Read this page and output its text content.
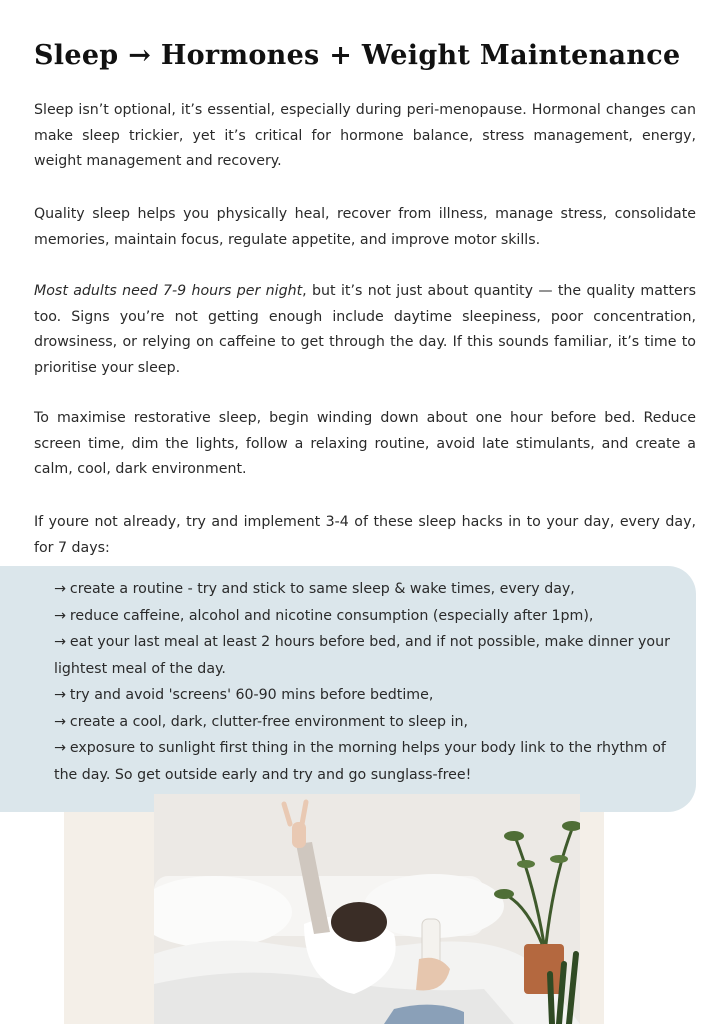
Sleep → Hormones + Weight Maintenance

Sleep isn’t optional, it’s essential, especially during peri-menopause. Hormonal changes can make sleep trickier, yet it’s critical for hormone balance, stress management, energy, weight management and recovery.

Quality sleep helps you physically heal, recover from illness, manage stress, consolidate memories, maintain focus, regulate appetite, and improve motor skills.

Most adults need 7-9 hours per night, but it’s not just about quantity — the quality matters too. Signs you’re not getting enough include daytime sleepiness, poor concentration, drowsiness, or relying on caffeine to get through the day. If this sounds familiar, it’s time to prioritise your sleep.

To maximise restorative sleep, begin winding down about one hour before bed. Reduce screen time, dim the lights, follow a relaxing routine, avoid late stimulants, and create a calm, cool, dark environment.

If youre not already, try and implement 3-4 of these sleep hacks in to your day, every day, for 7 days:

→ create a routine - try and stick to same sleep & wake times, every day,
→ reduce caffeine, alcohol and nicotine consumption (especially after 1pm),
→ eat your last meal at least 2 hours before bed, and if not possible, make dinner your lightest meal of the day.
→ try and avoid 'screens' 60-90 mins before bedtime,
→ create a cool, dark, clutter-free environment to sleep in,
→ exposure to sunlight first thing in the morning helps your body link to the rhythm of the day. So get outside early and try and go sunglass-free!
